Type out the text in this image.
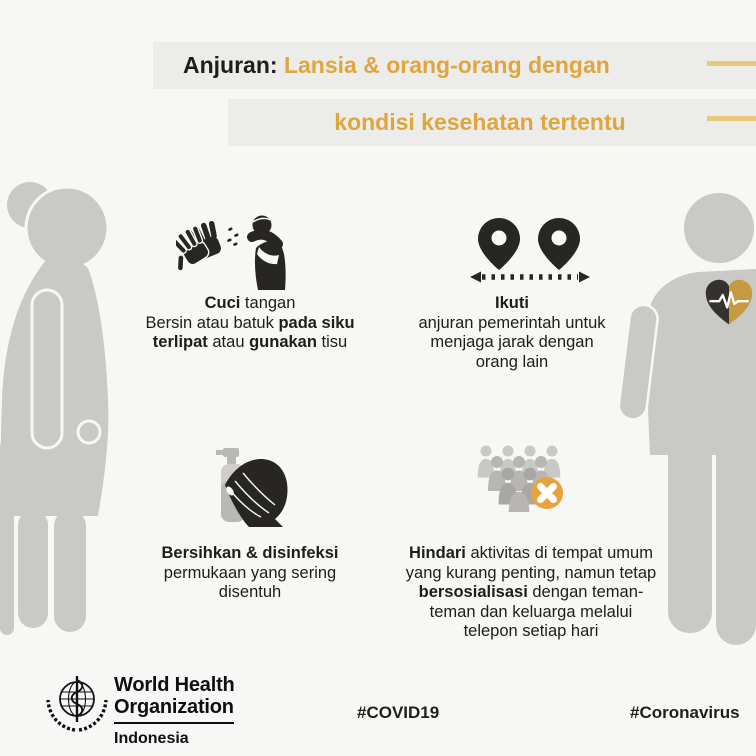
Anjuran: Lansia & orang-orang dengan
kondisi kesehatan tertentu
Cuci tangan
Bersin atau batuk pada siku
terlipat atau gunakan tisu
Ikuti
anjuran pemerintah untuk
menjaga jarak dengan
orang lain
Bersihkan & disinfeksi
permukaan yang sering
disentuh
Hindari aktivitas di tempat umum
yang kurang penting, namun tetap
bersosialisasi dengan teman-
teman dan keluarga melalui
telepon setiap hari
World Health
Organization
Indonesia
#COVID19	#Coronavirus
